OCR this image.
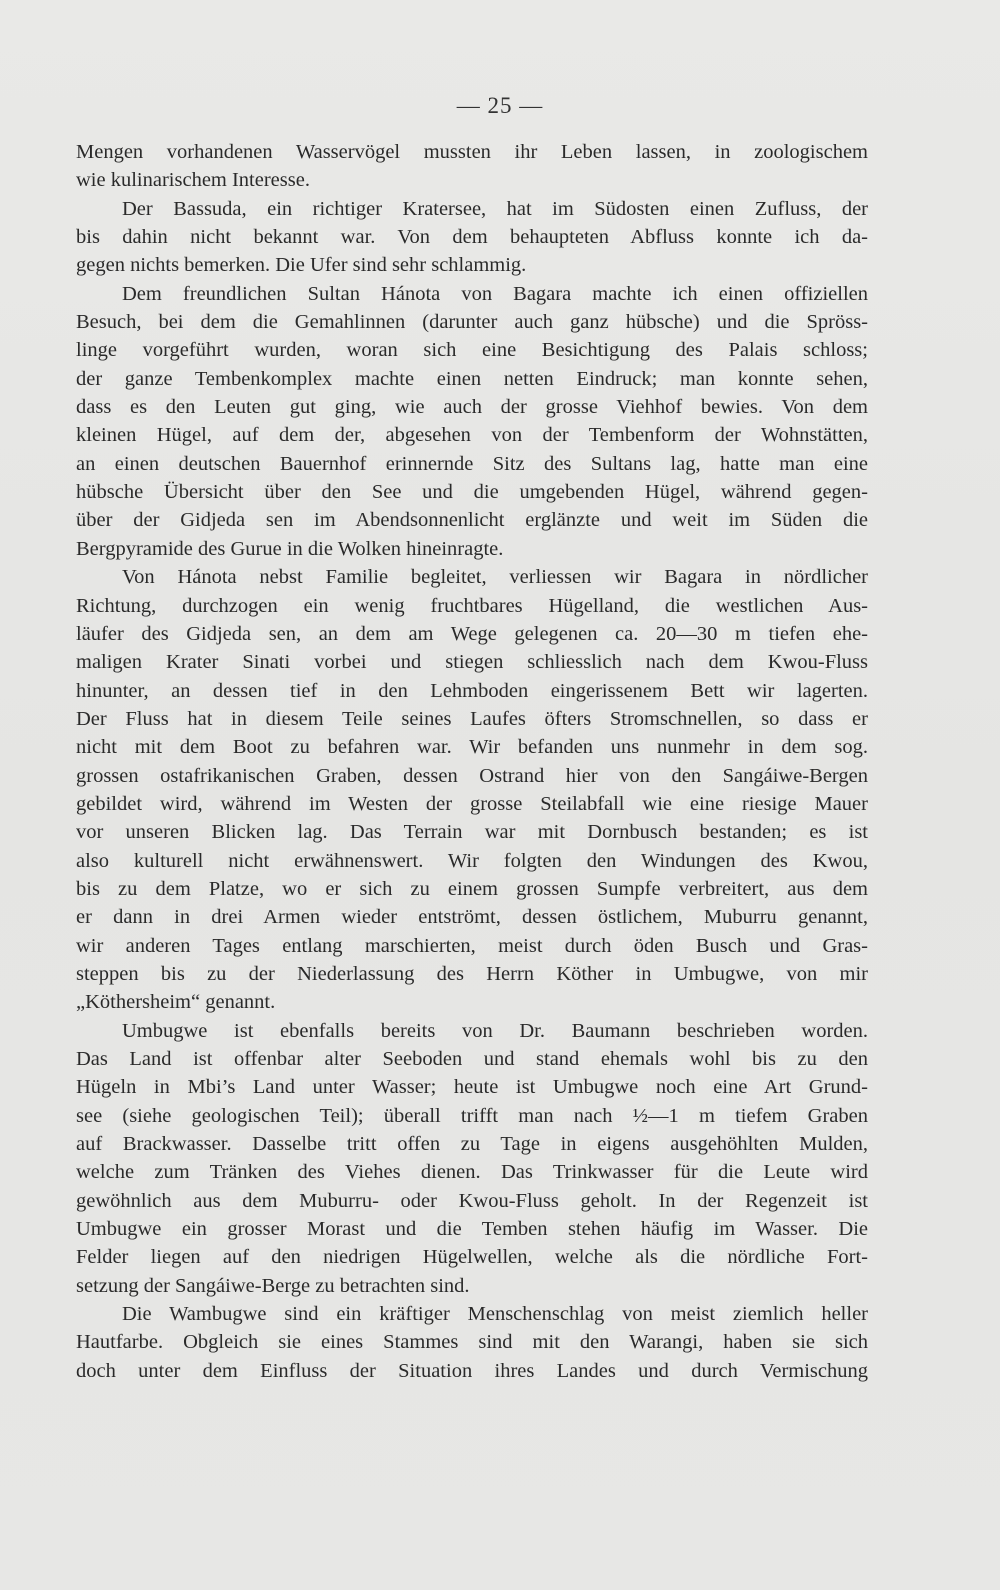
— 25 —
Mengen vorhandenen Wasservögel mussten ihr Leben lassen, in zoologischem
wie kulinarischem Interesse.
Der Bassuda, ein richtiger Kratersee, hat im Südosten einen Zufluss, der
bis dahin nicht bekannt war. Von dem behaupteten Abfluss konnte ich da-
gegen nichts bemerken. Die Ufer sind sehr schlammig.
Dem freundlichen Sultan Hánota von Bagara machte ich einen offiziellen
Besuch, bei dem die Gemahlinnen (darunter auch ganz hübsche) und die Spröss-
linge vorgeführt wurden, woran sich eine Besichtigung des Palais schloss;
der ganze Tembenkomplex machte einen netten Eindruck; man konnte sehen,
dass es den Leuten gut ging, wie auch der grosse Viehhof bewies. Von dem
kleinen Hügel, auf dem der, abgesehen von der Tembenform der Wohnstätten,
an einen deutschen Bauernhof erinnernde Sitz des Sultans lag, hatte man eine
hübsche Übersicht über den See und die umgebenden Hügel, während gegen-
über der Gidjeda sen im Abendsonnenlicht erglänzte und weit im Süden die
Bergpyramide des Gurue in die Wolken hineinragte.
Von Hánota nebst Familie begleitet, verliessen wir Bagara in nördlicher
Richtung, durchzogen ein wenig fruchtbares Hügelland, die westlichen Aus-
läufer des Gidjeda sen, an dem am Wege gelegenen ca. 20—30 m tiefen ehe-
maligen Krater Sinati vorbei und stiegen schliesslich nach dem Kwou-Fluss
hinunter, an dessen tief in den Lehmboden eingerissenem Bett wir lagerten.
Der Fluss hat in diesem Teile seines Laufes öfters Stromschnellen, so dass er
nicht mit dem Boot zu befahren war. Wir befanden uns nunmehr in dem sog.
grossen ostafrikanischen Graben, dessen Ostrand hier von den Sangáiwe-Bergen
gebildet wird, während im Westen der grosse Steilabfall wie eine riesige Mauer
vor unseren Blicken lag. Das Terrain war mit Dornbusch bestanden; es ist
also kulturell nicht erwähnenswert. Wir folgten den Windungen des Kwou,
bis zu dem Platze, wo er sich zu einem grossen Sumpfe verbreitert, aus dem
er dann in drei Armen wieder entströmt, dessen östlichem, Muburru genannt,
wir anderen Tages entlang marschierten, meist durch öden Busch und Gras-
steppen bis zu der Niederlassung des Herrn Köther in Umbugwe, von mir
„Köthersheim“ genannt.
Umbugwe ist ebenfalls bereits von Dr. Baumann beschrieben worden.
Das Land ist offenbar alter Seeboden und stand ehemals wohl bis zu den
Hügeln in Mbi’s Land unter Wasser; heute ist Umbugwe noch eine Art Grund-
see (siehe geologischen Teil); überall trifft man nach ½—1 m tiefem Graben
auf Brackwasser. Dasselbe tritt offen zu Tage in eigens ausgehöhlten Mulden,
welche zum Tränken des Viehes dienen. Das Trinkwasser für die Leute wird
gewöhnlich aus dem Muburru- oder Kwou-Fluss geholt. In der Regenzeit ist
Umbugwe ein grosser Morast und die Temben stehen häufig im Wasser. Die
Felder liegen auf den niedrigen Hügelwellen, welche als die nördliche Fort-
setzung der Sangáiwe-Berge zu betrachten sind.
Die Wambugwe sind ein kräftiger Menschenschlag von meist ziemlich heller
Hautfarbe. Obgleich sie eines Stammes sind mit den Warangi, haben sie sich
doch unter dem Einfluss der Situation ihres Landes und durch Vermischung
